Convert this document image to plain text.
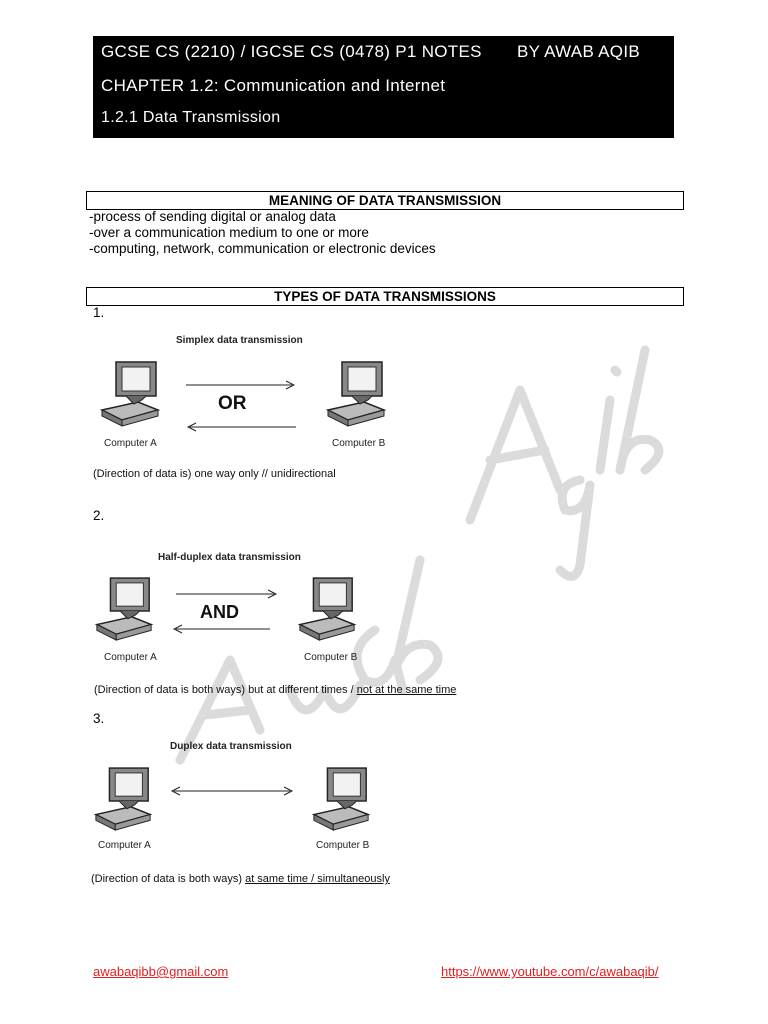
GCSE CS (2210) / IGCSE CS (0478) P1 NOTES BY AWAB AQIB
CHAPTER 1.2: Communication and Internet
1.2.1 Data Transmission
MEANING OF DATA TRANSMISSION
-process of sending digital or analog data
-over a communication medium to one or more
-computing, network, communication or electronic devices
TYPES OF DATA TRANSMISSIONS
1.
Simplex data transmission
Computer A
OR
Computer B
(Direction of data is) one way only // unidirectional
2.
Half-duplex data transmission
Computer A
AND
Computer B
(Direction of data is both ways) but at different times / not at the same time
3.
Duplex data transmission
Computer A	Computer B
(Direction of data is both ways) at same time / simultaneously
awabaqibb@gmail.com	https://www.youtube.com/c/awabaqib/
